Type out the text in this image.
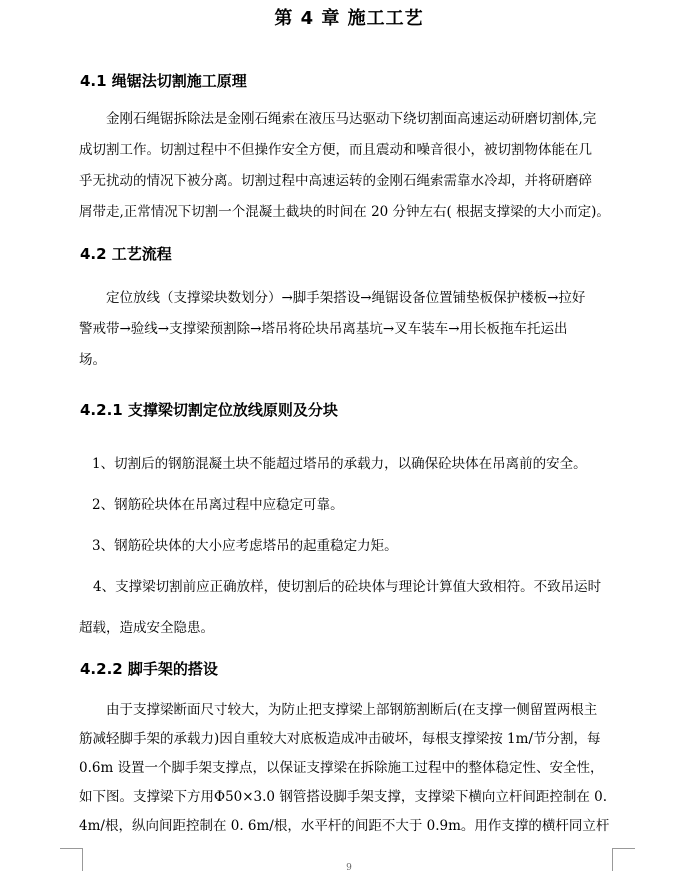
第 4 章 施工工艺
4.1 绳锯法切割施工原理
金刚石绳锯拆除法是金刚石绳索在液压马达驱动下绕切割面高速运动研磨切割体,完
成切割工作。切割过程中不但操作安全方便，而且震动和噪音很小，被切割物体能在几
乎无扰动的情况下被分离。切割过程中高速运转的金刚石绳索需靠水冷却，并将研磨碎
屑带走,正常情况下切割一个混凝土截块的时间在 20 分钟左右( 根据支撑梁的大小而定)。
4.2 工艺流程
定位放线（支撑梁块数划分）→脚手架搭设→绳锯设备位置铺垫板保护楼板→拉好
警戒带→验线→支撑梁预割除→塔吊将砼块吊离基坑→叉车装车→用长板拖车托运出
场。
4.2.1 支撑梁切割定位放线原则及分块
1、切割后的钢筋混凝土块不能超过塔吊的承载力，以确保砼块体在吊离前的安全。
2、钢筋砼块体在吊离过程中应稳定可靠。
3、钢筋砼块体的大小应考虑塔吊的起重稳定力矩。
4、支撑梁切割前应正确放样，使切割后的砼块体与理论计算值大致相符。不致吊运时
超载，造成安全隐患。
4.2.2 脚手架的搭设
由于支撑梁断面尺寸较大，为防止把支撑梁上部钢筋割断后(在支撑一侧留置两根主
筋减轻脚手架的承载力)因自重较大对底板造成冲击破坏，每根支撑梁按 1m/节分割，每
0.6m 设置一个脚手架支撑点，以保证支撑梁在拆除施工过程中的整体稳定性、安全性，
如下图。支撑梁下方用Φ50×3.0 钢管搭设脚手架支撑，支撑梁下横向立杆间距控制在 0.
4m/根，纵向间距控制在 0. 6m/根，水平杆的间距不大于 0.9m。用作支撑的横杆同立杆
9
